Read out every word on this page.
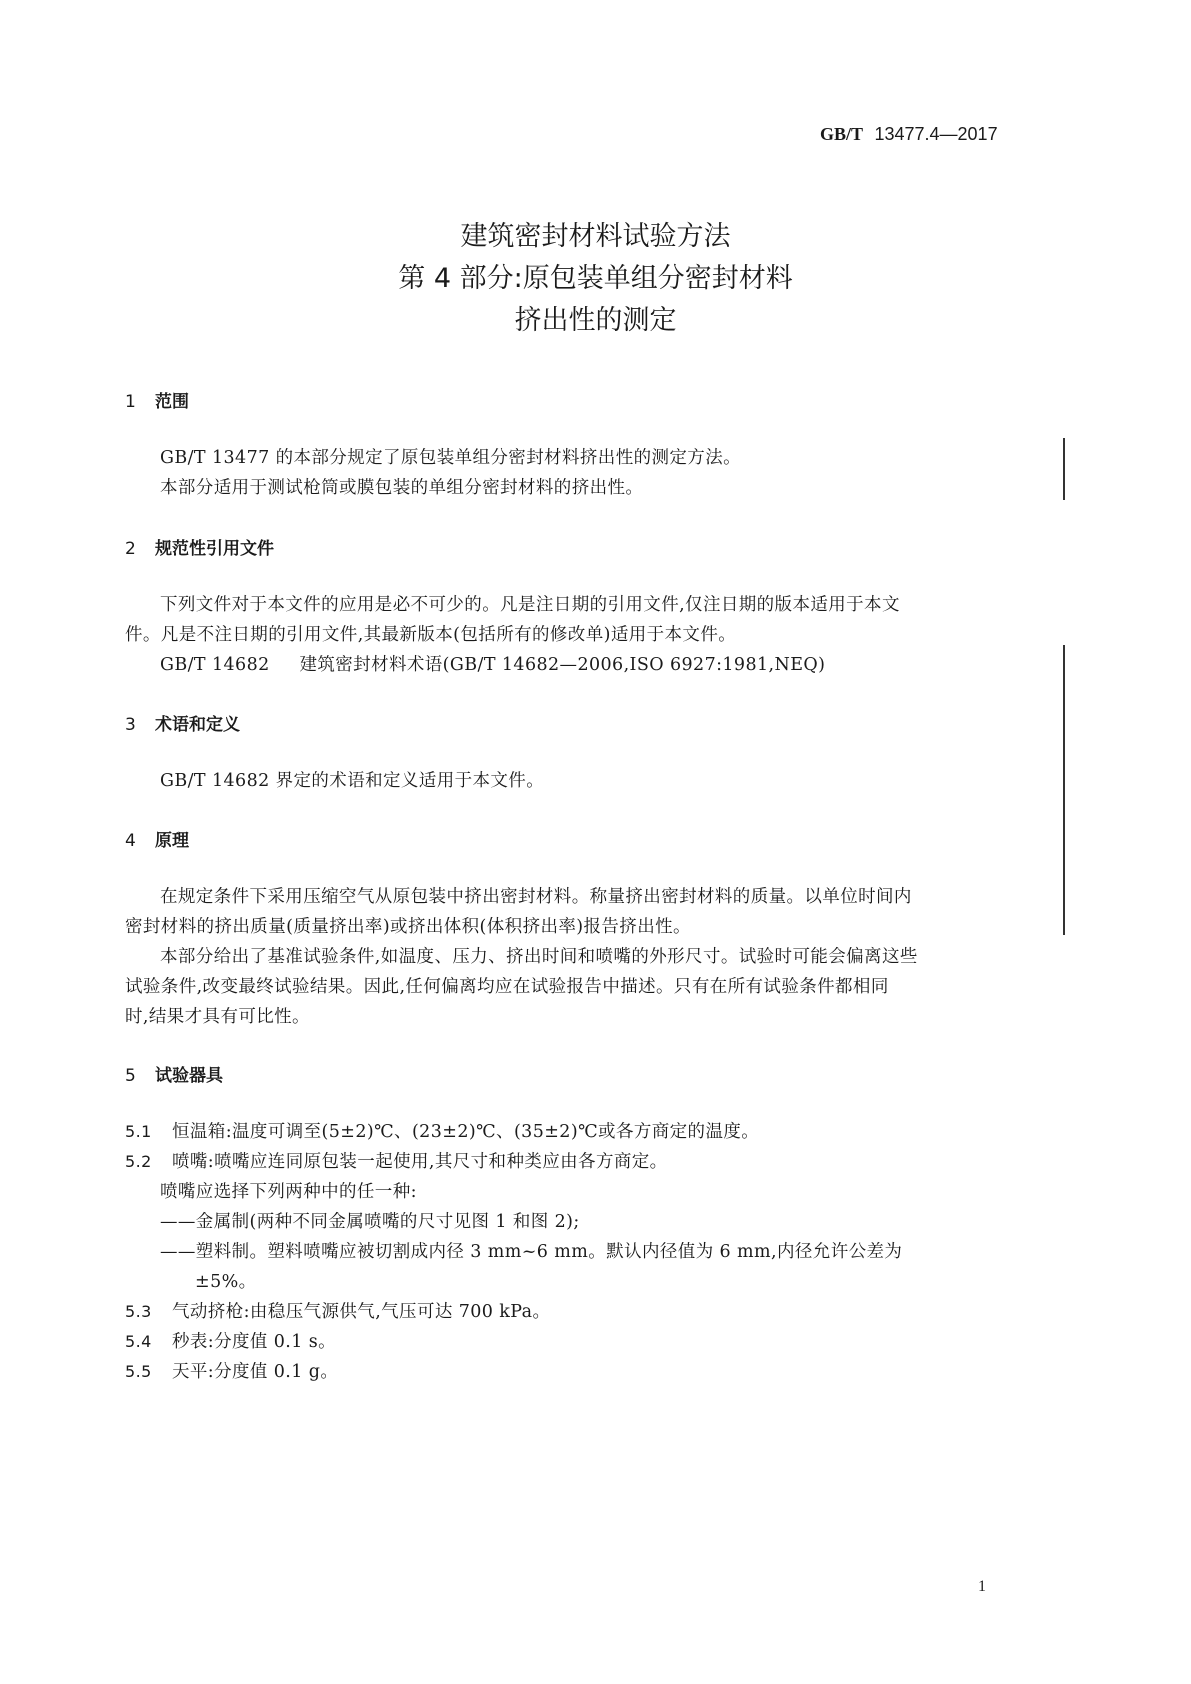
GB/T 13477.4—2017
建筑密封材料试验方法
第 4 部分:原包装单组分密封材料
挤出性的测定
1 范围
GB/T 13477 的本部分规定了原包装单组分密封材料挤出性的测定方法。
本部分适用于测试枪筒或膜包装的单组分密封材料的挤出性。
2 规范性引用文件
下列文件对于本文件的应用是必不可少的。凡是注日期的引用文件,仅注日期的版本适用于本文
件。凡是不注日期的引用文件,其最新版本(包括所有的修改单)适用于本文件。
GB/T 14682 建筑密封材料术语(GB/T 14682—2006,ISO 6927:1981,NEQ)
3 术语和定义
GB/T 14682 界定的术语和定义适用于本文件。
4 原理
在规定条件下采用压缩空气从原包装中挤出密封材料。称量挤出密封材料的质量。以单位时间内
密封材料的挤出质量(质量挤出率)或挤出体积(体积挤出率)报告挤出性。
本部分给出了基准试验条件,如温度、压力、挤出时间和喷嘴的外形尺寸。试验时可能会偏离这些
试验条件,改变最终试验结果。因此,任何偏离均应在试验报告中描述。只有在所有试验条件都相同
时,结果才具有可比性。
5 试验器具
5.1 恒温箱:温度可调至(5±2)℃、(23±2)℃、(35±2)℃或各方商定的温度。
5.2 喷嘴:喷嘴应连同原包装一起使用,其尺寸和种类应由各方商定。
喷嘴应选择下列两种中的任一种:
——金属制(两种不同金属喷嘴的尺寸见图 1 和图 2);
——塑料制。塑料喷嘴应被切割成内径 3 mm~6 mm。默认内径值为 6 mm,内径允许公差为
±5%。
5.3 气动挤枪:由稳压气源供气,气压可达 700 kPa。
5.4 秒表:分度值 0.1 s。
5.5 天平:分度值 0.1 g。
1
